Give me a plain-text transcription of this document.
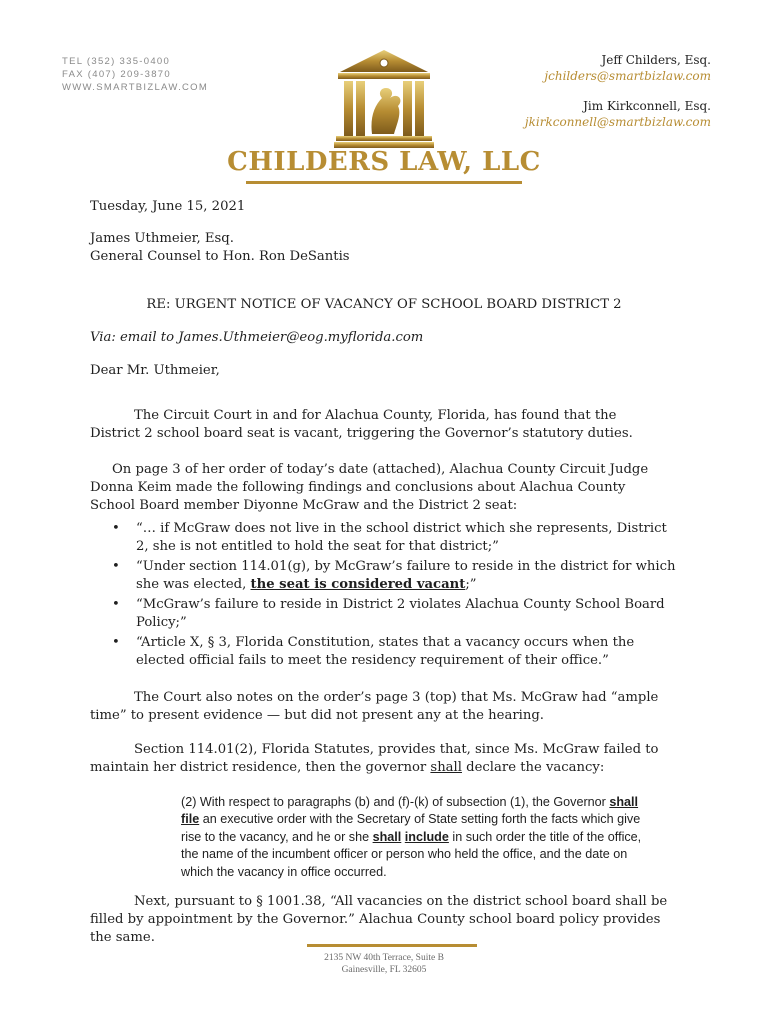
TEL (352) 335-0400
FAX (407) 209-3870
WWW.SMARTBIZLAW.COM
CHILDERS LAW, LLC
Jeff Childers, Esq.
jchilders@smartbizlaw.com
Jim Kirkconnell, Esq.
jkirkconnell@smartbizlaw.com
Tuesday, June 15, 2021
James Uthmeier, Esq.
General Counsel to Hon. Ron DeSantis
RE: URGENT NOTICE OF VACANCY OF SCHOOL BOARD DISTRICT 2
Via: email to James.Uthmeier@eog.myflorida.com
Dear Mr. Uthmeier,

The Circuit Court in and for Alachua County, Florida, has found that the District 2 school board seat is vacant, triggering the Governor’s statutory duties.

On page 3 of her order of today’s date (attached), Alachua County Circuit Judge Donna Keim made the following findings and conclusions about Alachua County School Board member Diyonne McGraw and the District 2 seat:

• “… if McGraw does not live in the school district which she represents, District 2, she is not entitled to hold the seat for that district;”
• “Under section 114.01(g), by McGraw’s failure to reside in the district for which she was elected, the seat is considered vacant;”
• “McGraw’s failure to reside in District 2 violates Alachua County School Board Policy;”
• “Article X, § 3, Florida Constitution, states that a vacancy occurs when the elected official fails to meet the residency requirement of their office.”

The Court also notes on the order’s page 3 (top) that Ms. McGraw had “ample time” to present evidence — but did not present any at the hearing.

Section 114.01(2), Florida Statutes, provides that, since Ms. McGraw failed to maintain her district residence, then the governor shall declare the vacancy:

(2) With respect to paragraphs (b) and (f)-(k) of subsection (1), the Governor shall file an executive order with the Secretary of State setting forth the facts which give rise to the vacancy, and he or she shall include in such order the title of the office, the name of the incumbent officer or person who held the office, and the date on which the vacancy in office occurred.

Next, pursuant to § 1001.38, “All vacancies on the district school board shall be filled by appointment by the Governor.” Alachua County school board policy provides the same.

2135 NW 40th Terrace, Suite B
Gainesville, FL 32605
